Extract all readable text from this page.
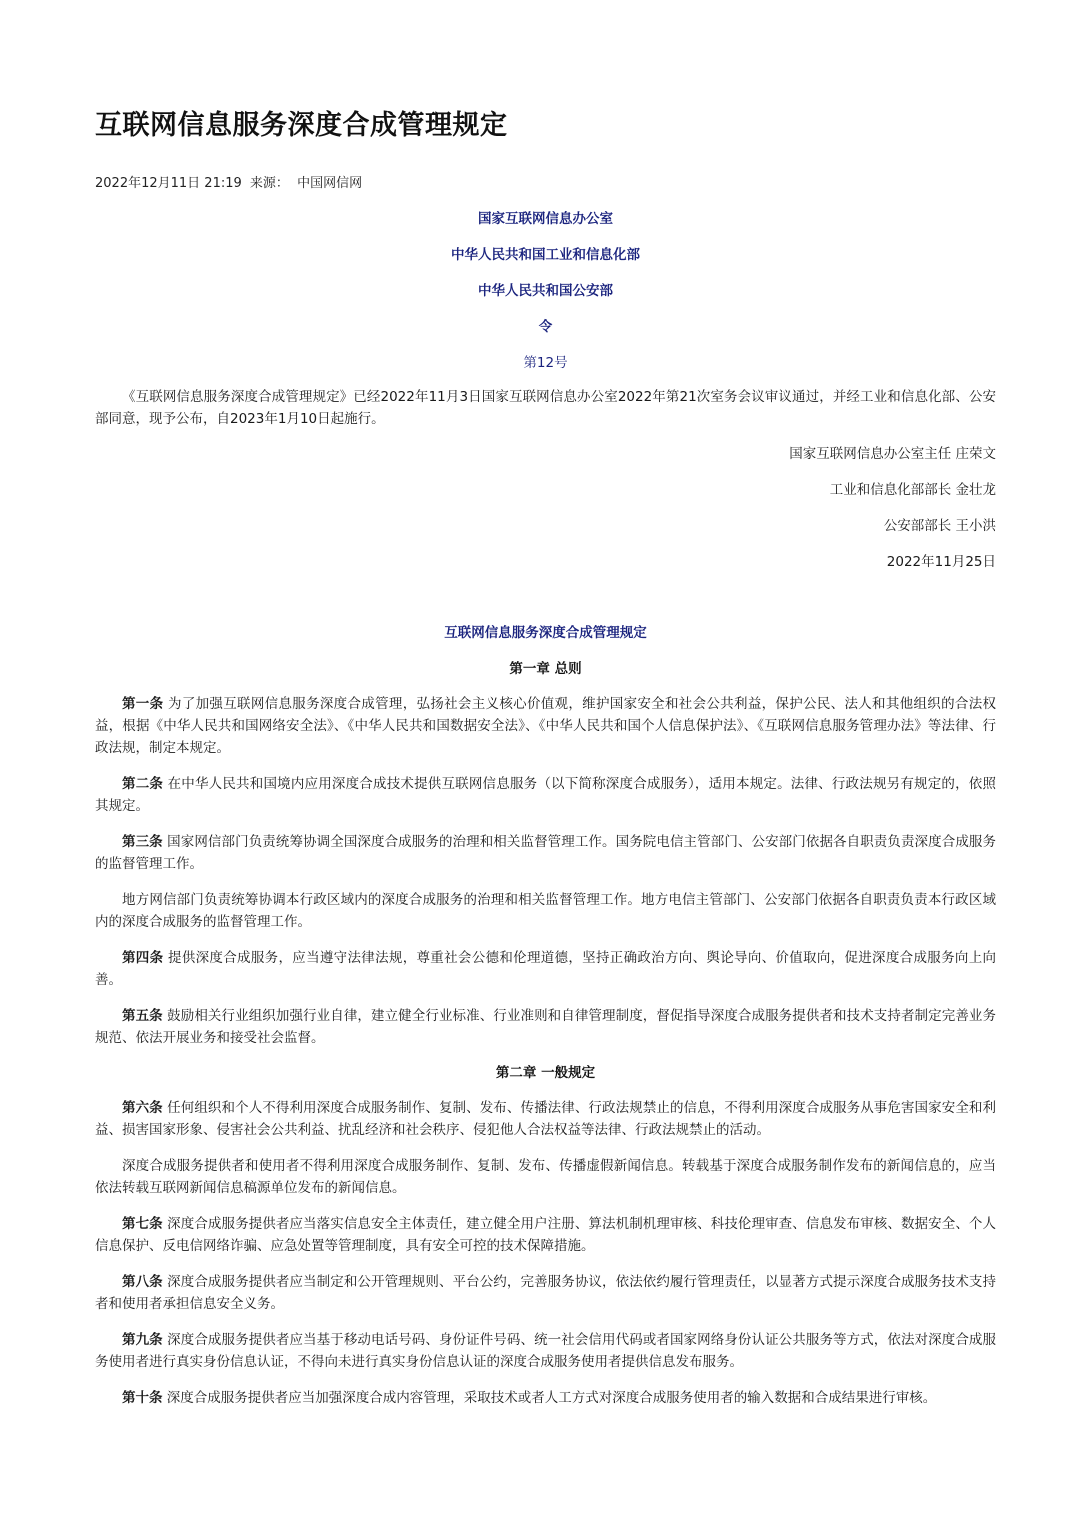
互联网信息服务深度合成管理规定
2022年12月11日 21:19 来源： 中国网信网
国家互联网信息办公室
中华人民共和国工业和信息化部
中华人民共和国公安部
令
第12号

《互联网信息服务深度合成管理规定》已经2022年11月3日国家互联网信息办公室2022年第21次室务会议审议通过，并经工业和信息化部、公安部同意，现予公布，自2023年1月10日起施行。

国家互联网信息办公室主任 庄荣文
工业和信息化部部长 金壮龙
公安部部长 王小洪
2022年11月25日
互联网信息服务深度合成管理规定
第一章 总则

第一条 为了加强互联网信息服务深度合成管理，弘扬社会主义核心价值观，维护国家安全和社会公共利益，保护公民、法人和其他组织的合法权益，根据《中华人民共和国网络安全法》、《中华人民共和国数据安全法》、《中华人民共和国个人信息保护法》、《互联网信息服务管理办法》等法律、行政法规，制定本规定。

第二条 在中华人民共和国境内应用深度合成技术提供互联网信息服务（以下简称深度合成服务），适用本规定。法律、行政法规另有规定的，依照其规定。

第三条 国家网信部门负责统筹协调全国深度合成服务的治理和相关监督管理工作。国务院电信主管部门、公安部门依据各自职责负责深度合成服务的监督管理工作。

地方网信部门负责统筹协调本行政区域内的深度合成服务的治理和相关监督管理工作。地方电信主管部门、公安部门依据各自职责负责本行政区域内的深度合成服务的监督管理工作。

第四条 提供深度合成服务，应当遵守法律法规，尊重社会公德和伦理道德，坚持正确政治方向、舆论导向、价值取向，促进深度合成服务向上向善。

第五条 鼓励相关行业组织加强行业自律，建立健全行业标准、行业准则和自律管理制度，督促指导深度合成服务提供者和技术支持者制定完善业务规范、依法开展业务和接受社会监督。

第二章 一般规定

第六条 任何组织和个人不得利用深度合成服务制作、复制、发布、传播法律、行政法规禁止的信息，不得利用深度合成服务从事危害国家安全和利益、损害国家形象、侵害社会公共利益、扰乱经济和社会秩序、侵犯他人合法权益等法律、行政法规禁止的活动。

深度合成服务提供者和使用者不得利用深度合成服务制作、复制、发布、传播虚假新闻信息。转载基于深度合成服务制作发布的新闻信息的，应当依法转载互联网新闻信息稿源单位发布的新闻信息。

第七条 深度合成服务提供者应当落实信息安全主体责任，建立健全用户注册、算法机制机理审核、科技伦理审查、信息发布审核、数据安全、个人信息保护、反电信网络诈骗、应急处置等管理制度，具有安全可控的技术保障措施。

第八条 深度合成服务提供者应当制定和公开管理规则、平台公约，完善服务协议，依法依约履行管理责任，以显著方式提示深度合成服务技术支持者和使用者承担信息安全义务。

第九条 深度合成服务提供者应当基于移动电话号码、身份证件号码、统一社会信用代码或者国家网络身份认证公共服务等方式，依法对深度合成服务使用者进行真实身份信息认证，不得向未进行真实身份信息认证的深度合成服务使用者提供信息发布服务。

第十条 深度合成服务提供者应当加强深度合成内容管理，采取技术或者人工方式对深度合成服务使用者的输入数据和合成结果进行审核。
